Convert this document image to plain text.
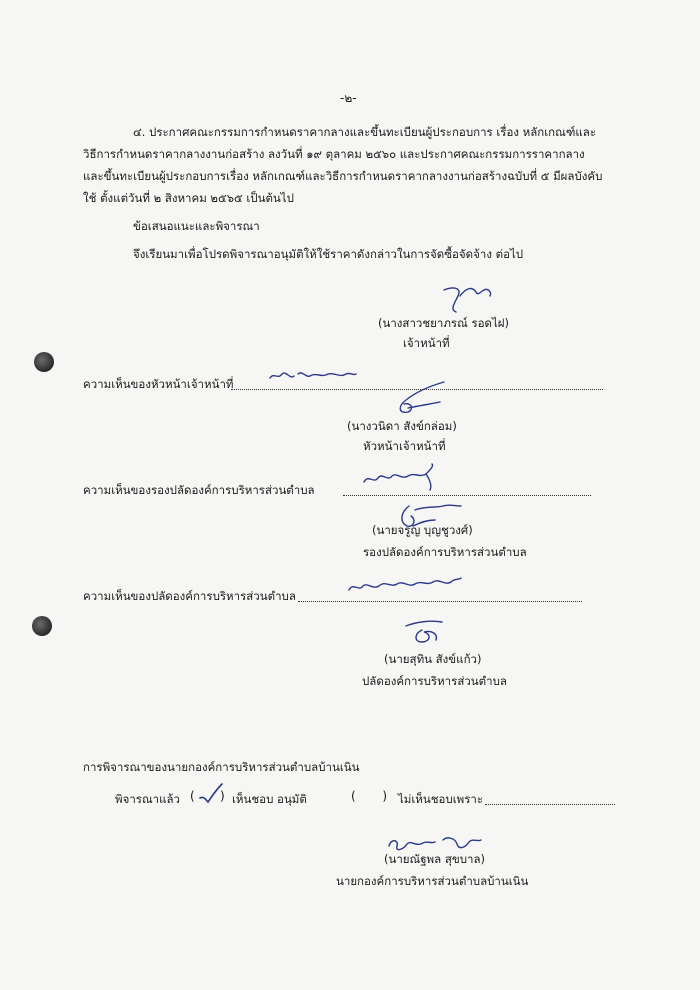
-๒-
๔. ประกาศคณะกรรมการกำหนดราคากลางและขึ้นทะเบียนผู้ประกอบการ เรื่อง หลักเกณฑ์และ
วิธีการกำหนดราคากลางงานก่อสร้าง ลงวันที่ ๑๙ ตุลาคม ๒๕๖๐ และประกาศคณะกรรมการราคากลาง
และขึ้นทะเบียนผู้ประกอบการเรื่อง หลักเกณฑ์และวิธีการกำหนดราคากลางงานก่อสร้างฉบับที่ ๕ มีผลบังคับ
ใช้ ตั้งแต่วันที่ ๒ สิงหาคม ๒๕๖๕ เป็นต้นไป
ข้อเสนอแนะและพิจารณา
จึงเรียนมาเพื่อโปรดพิจารณาอนุมัติให้ใช้ราคาดังกล่าวในการจัดซื้อจัดจ้าง ต่อไป
(นางสาวชยาภรณ์ รอดไฝ)
เจ้าหน้าที่
ความเห็นของหัวหน้าเจ้าหน้าที่
(นางวนิดา สังข์กล่อม)
หัวหน้าเจ้าหน้าที่
ความเห็นของรองปลัดองค์การบริหารส่วนตำบล
(นายจรูญ บุญชูวงศ์)
รองปลัดองค์การบริหารส่วนตำบล
ความเห็นของปลัดองค์การบริหารส่วนตำบล
(นายสุทิน สังข์แก้ว)
ปลัดองค์การบริหารส่วนตำบล
การพิจารณาของนายกองค์การบริหารส่วนตำบลบ้านเนิน
พิจารณาแล้ว ( ) เห็นชอบ อนุมัติ	(       ) ไม่เห็นชอบเพราะ
(นายณัฐพล สุขบาล)
นายกองค์การบริหารส่วนตำบลบ้านเนิน
